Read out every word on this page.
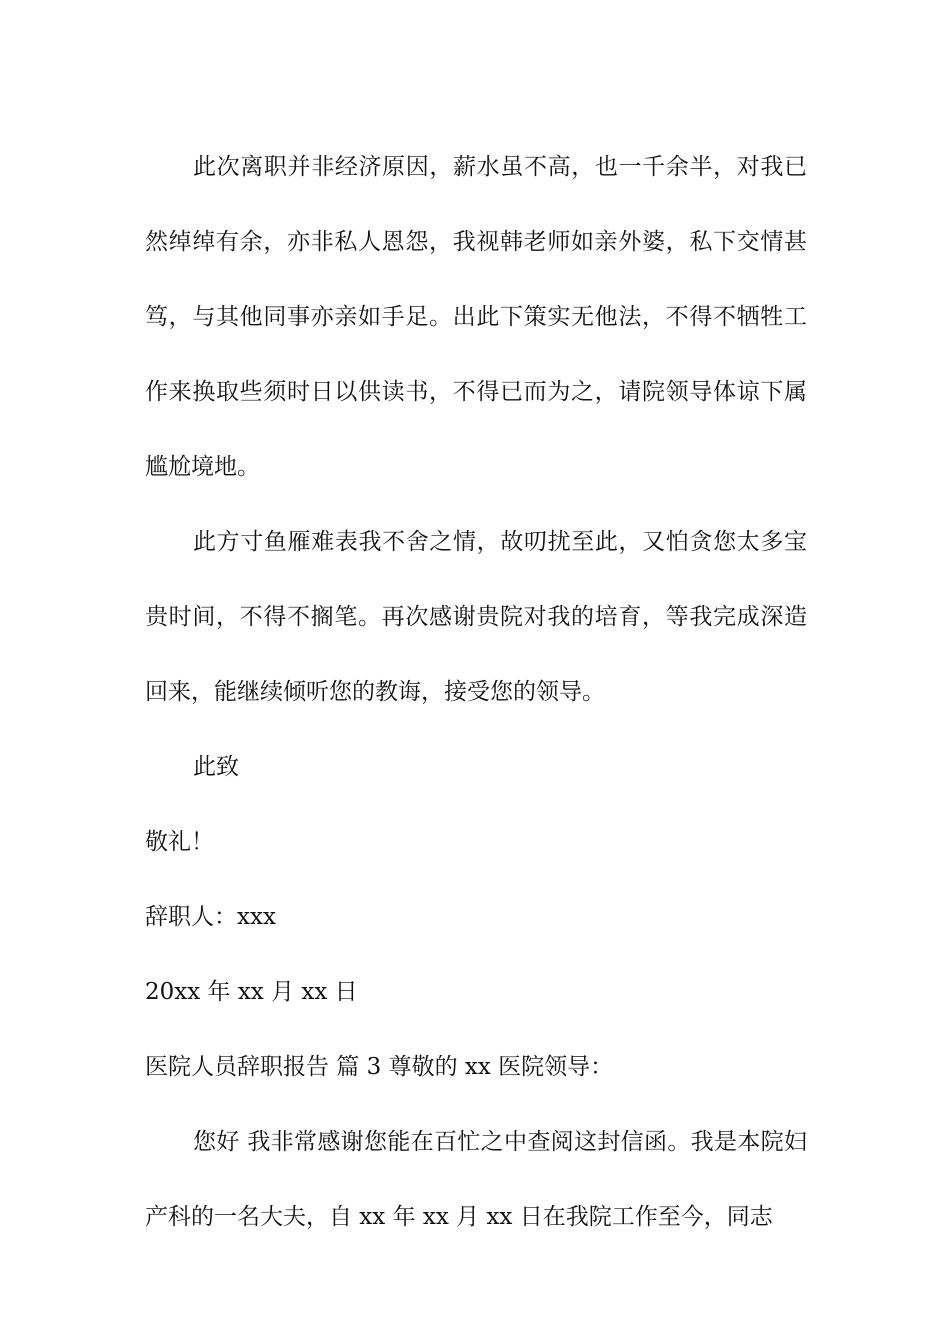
此次离职并非经济原因，薪水虽不高，也一千余半，对我已然绰绰有余，亦非私人恩怨，我视韩老师如亲外婆，私下交情甚笃，与其他同事亦亲如手足。出此下策实无他法，不得不牺牲工作来换取些须时日以供读书，不得已而为之，请院领导体谅下属尴尬境地。

此方寸鱼雁难表我不舍之情，故叨扰至此，又怕贪您太多宝贵时间，不得不搁笔。再次感谢贵院对我的培育，等我完成深造回来，能继续倾听您的教诲，接受您的领导。

此致

敬礼！

辞职人：xxx

20xx 年 xx 月 xx 日

医院人员辞职报告 篇 3 尊敬的 xx 医院领导：

您好 我非常感谢您能在百忙之中查阅这封信函。我是本院妇产科的一名大夫，自 xx 年 xx 月 xx 日在我院工作至今，同志
